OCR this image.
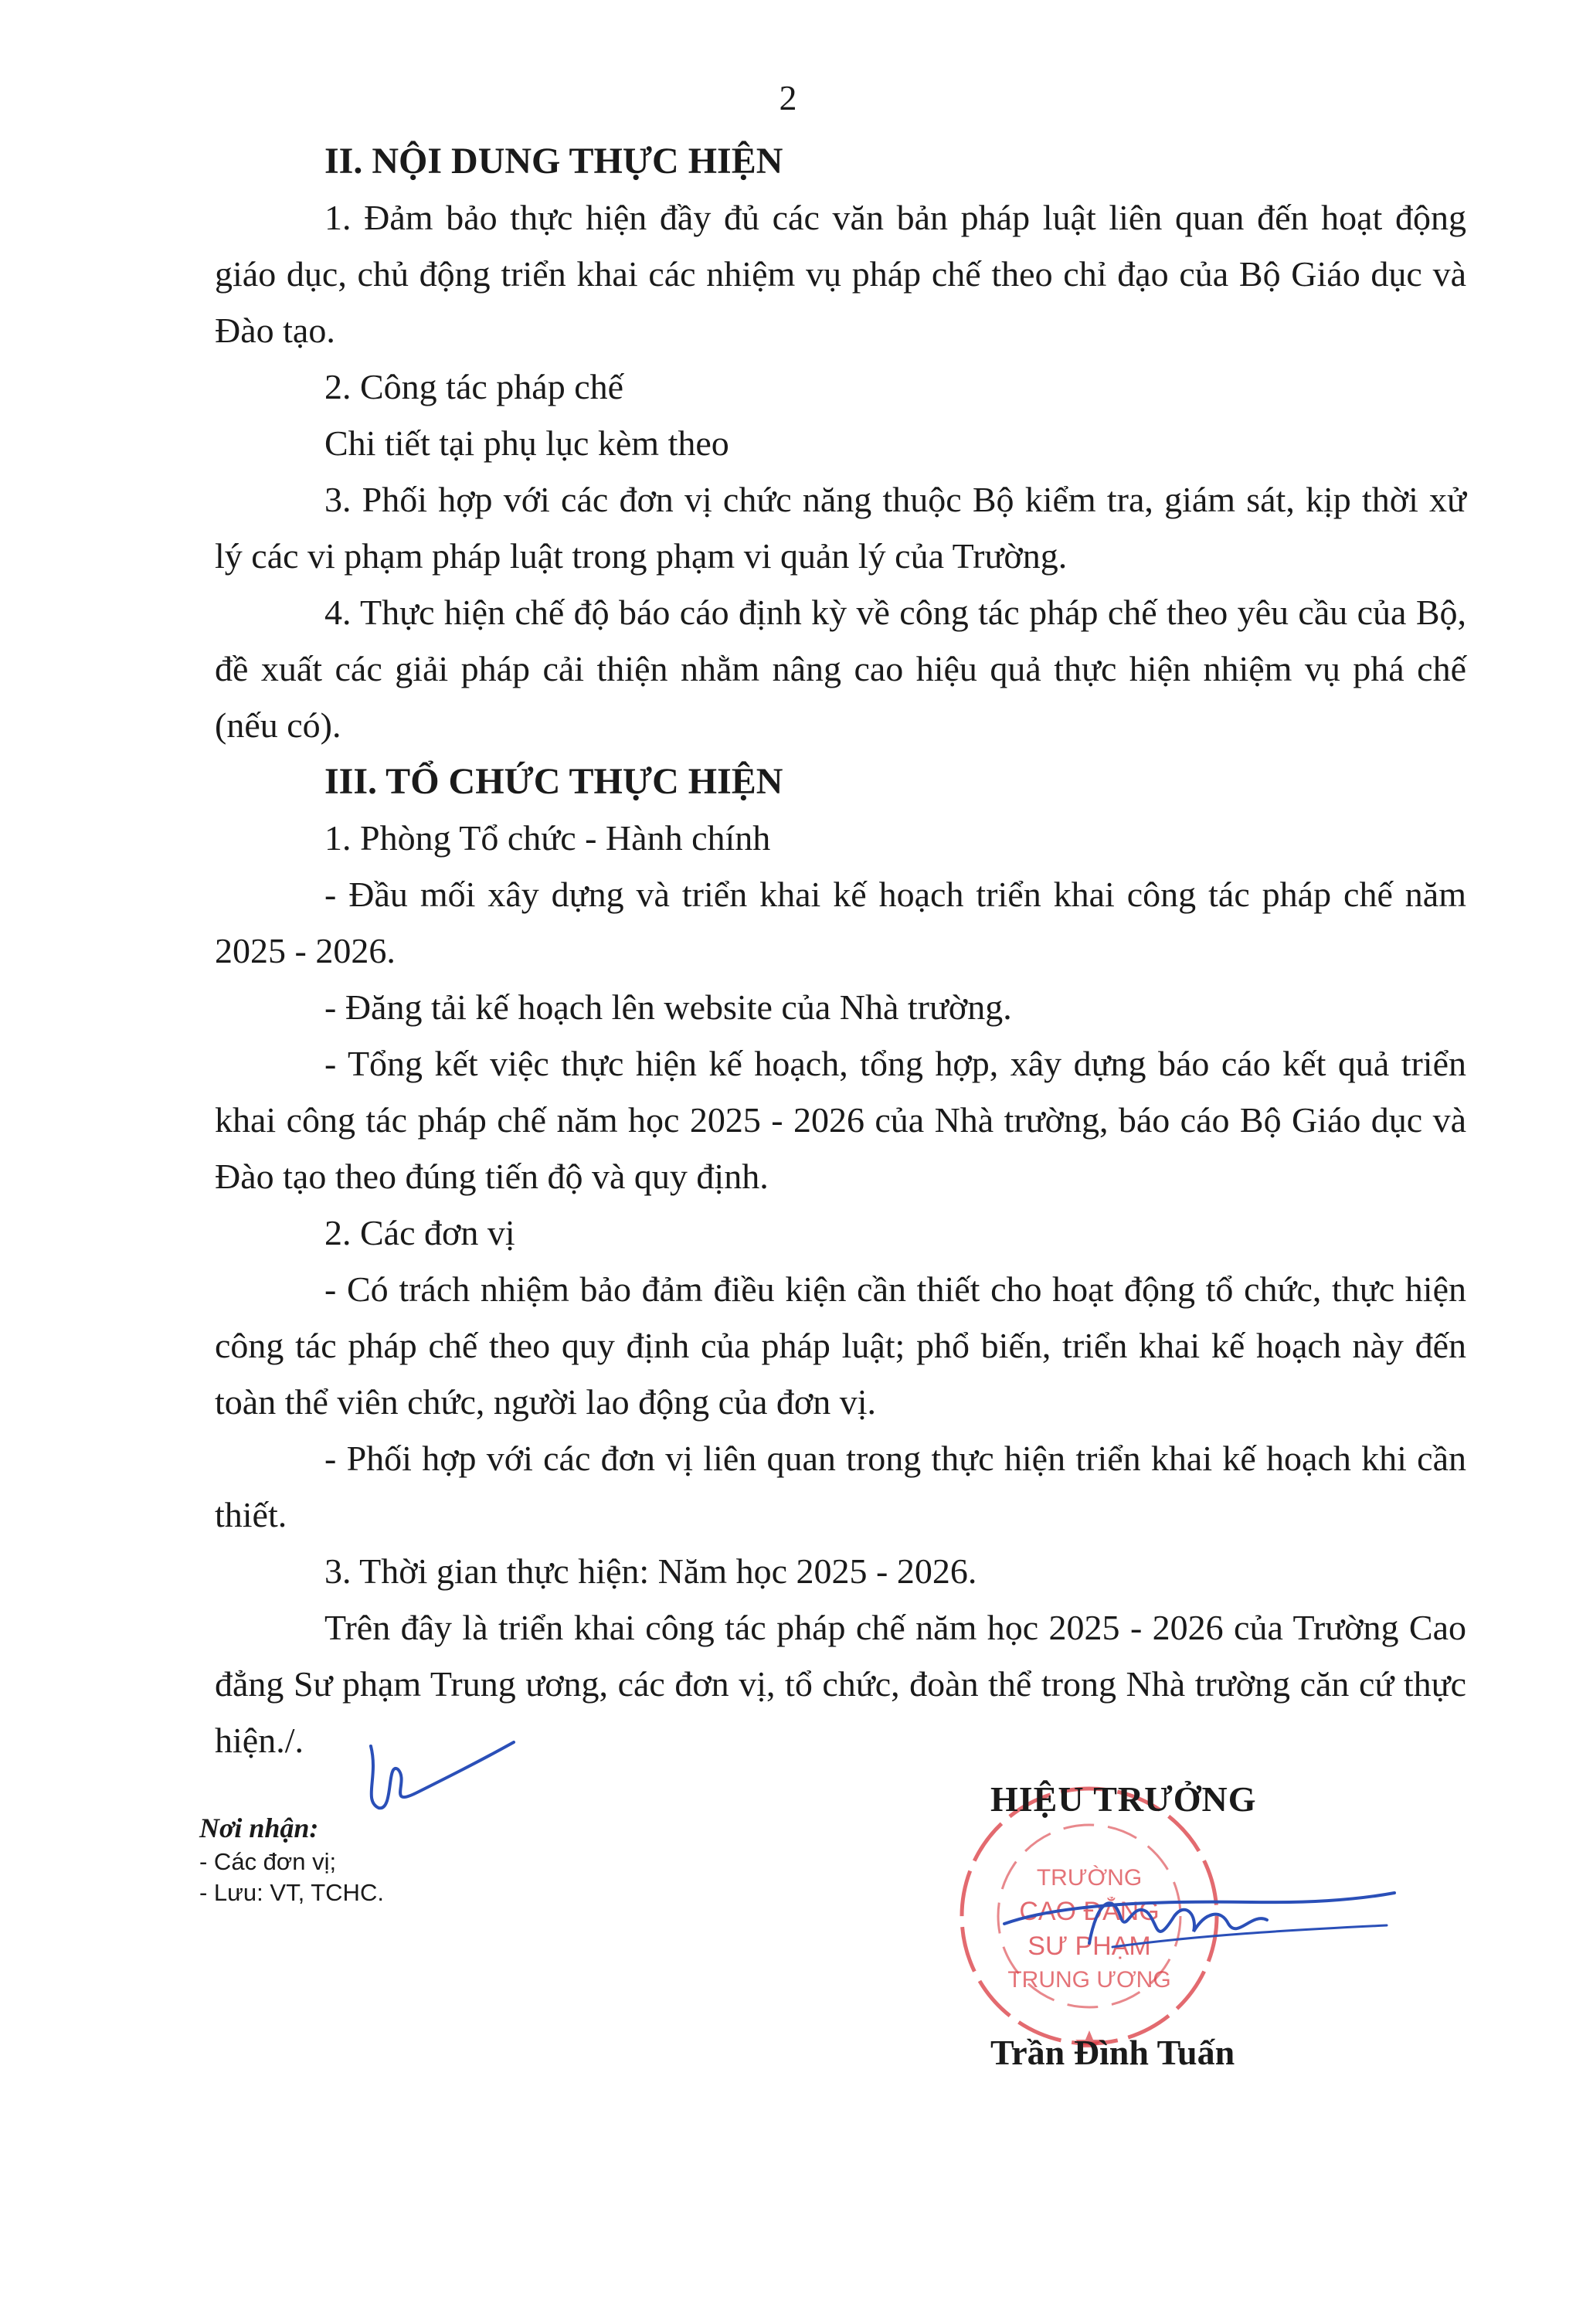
2

II. NỘI DUNG THỰC HIỆN

1. Đảm bảo thực hiện đầy đủ các văn bản pháp luật liên quan đến hoạt động giáo dục, chủ động triển khai các nhiệm vụ pháp chế theo chỉ đạo của Bộ Giáo dục và Đào tạo.

2. Công tác pháp chế

Chi tiết tại phụ lục kèm theo

3. Phối hợp với các đơn vị chức năng thuộc Bộ kiểm tra, giám sát, kịp thời xử lý các vi phạm pháp luật trong phạm vi quản lý của Trường.

4. Thực hiện chế độ báo cáo định kỳ về công tác pháp chế theo yêu cầu của Bộ, đề xuất các giải pháp cải thiện nhằm nâng cao hiệu quả thực hiện nhiệm vụ phá chế (nếu có).

III. TỔ CHỨC THỰC HIỆN

1. Phòng Tổ chức - Hành chính

- Đầu mối xây dựng và triển khai kế hoạch triển khai công tác pháp chế năm 2025 - 2026.

- Đăng tải kế hoạch lên website của Nhà trường.

- Tổng kết việc thực hiện kế hoạch, tổng hợp, xây dựng báo cáo kết quả triển khai công tác pháp chế năm học 2025 - 2026 của Nhà trường, báo cáo Bộ Giáo dục và Đào tạo theo đúng tiến độ và quy định.

2. Các đơn vị

- Có trách nhiệm bảo đảm điều kiện cần thiết cho hoạt động tổ chức, thực hiện công tác pháp chế theo quy định của pháp luật; phổ biến, triển khai kế hoạch này đến toàn thể viên chức, người lao động của đơn vị.

- Phối hợp với các đơn vị liên quan trong thực hiện triển khai kế hoạch khi cần thiết.

3. Thời gian thực hiện: Năm học 2025 - 2026.

Trên đây là triển khai công tác pháp chế năm học 2025 - 2026 của Trường Cao đẳng Sư phạm Trung ương, các đơn vị, tổ chức, đoàn thể trong Nhà trường căn cứ thực hiện./.

Nơi nhận:
- Các đơn vị;
- Lưu: VT, TCHC.
TRƯỜNG
CAO ĐẲNG
SƯ PHẠM
TRUNG ƯƠNG
HIỆU TRƯỞNG
Trần Đình Tuấn
